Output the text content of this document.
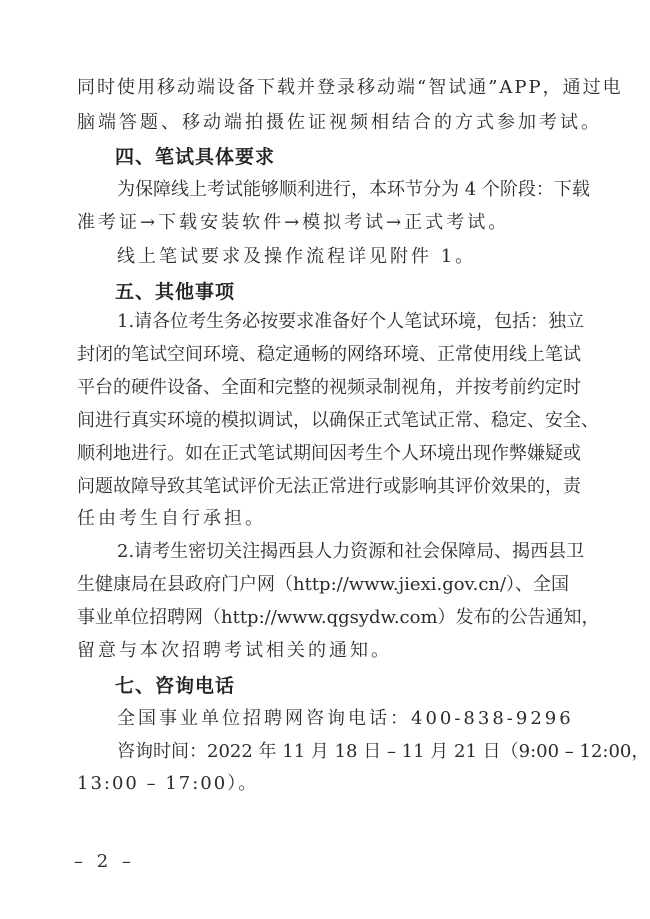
同时使用移动端设备下载并登录移动端“智试通”APP，通过电
脑端答题、移动端拍摄佐证视频相结合的方式参加考试。
四、笔试具体要求
为保障线上考试能够顺利进行，本环节分为 4 个阶段：下载
准考证→下载安装软件→模拟考试→正式考试。
线上笔试要求及操作流程详见附件 1。
五、其他事项
1.请各位考生务必按要求准备好个人笔试环境，包括：独立
封闭的笔试空间环境、稳定通畅的网络环境、正常使用线上笔试
平台的硬件设备、全面和完整的视频录制视角，并按考前约定时
间进行真实环境的模拟调试，以确保正式笔试正常、稳定、安全、
顺利地进行。如在正式笔试期间因考生个人环境出现作弊嫌疑或
问题故障导致其笔试评价无法正常进行或影响其评价效果的，责
任由考生自行承担。
2.请考生密切关注揭西县人力资源和社会保障局、揭西县卫
生健康局在县政府门户网（http://www.jiexi.gov.cn/）、全国
事业单位招聘网（http://www.qgsydw.com）发布的公告通知，
留意与本次招聘考试相关的通知。
七、咨询电话
全国事业单位招聘网咨询电话：400-838-9296
咨询时间：2022 年 11 月 18 日 – 11 月 21 日（9:00 – 12:00，
13:00 – 17:00）。
– 2 –
